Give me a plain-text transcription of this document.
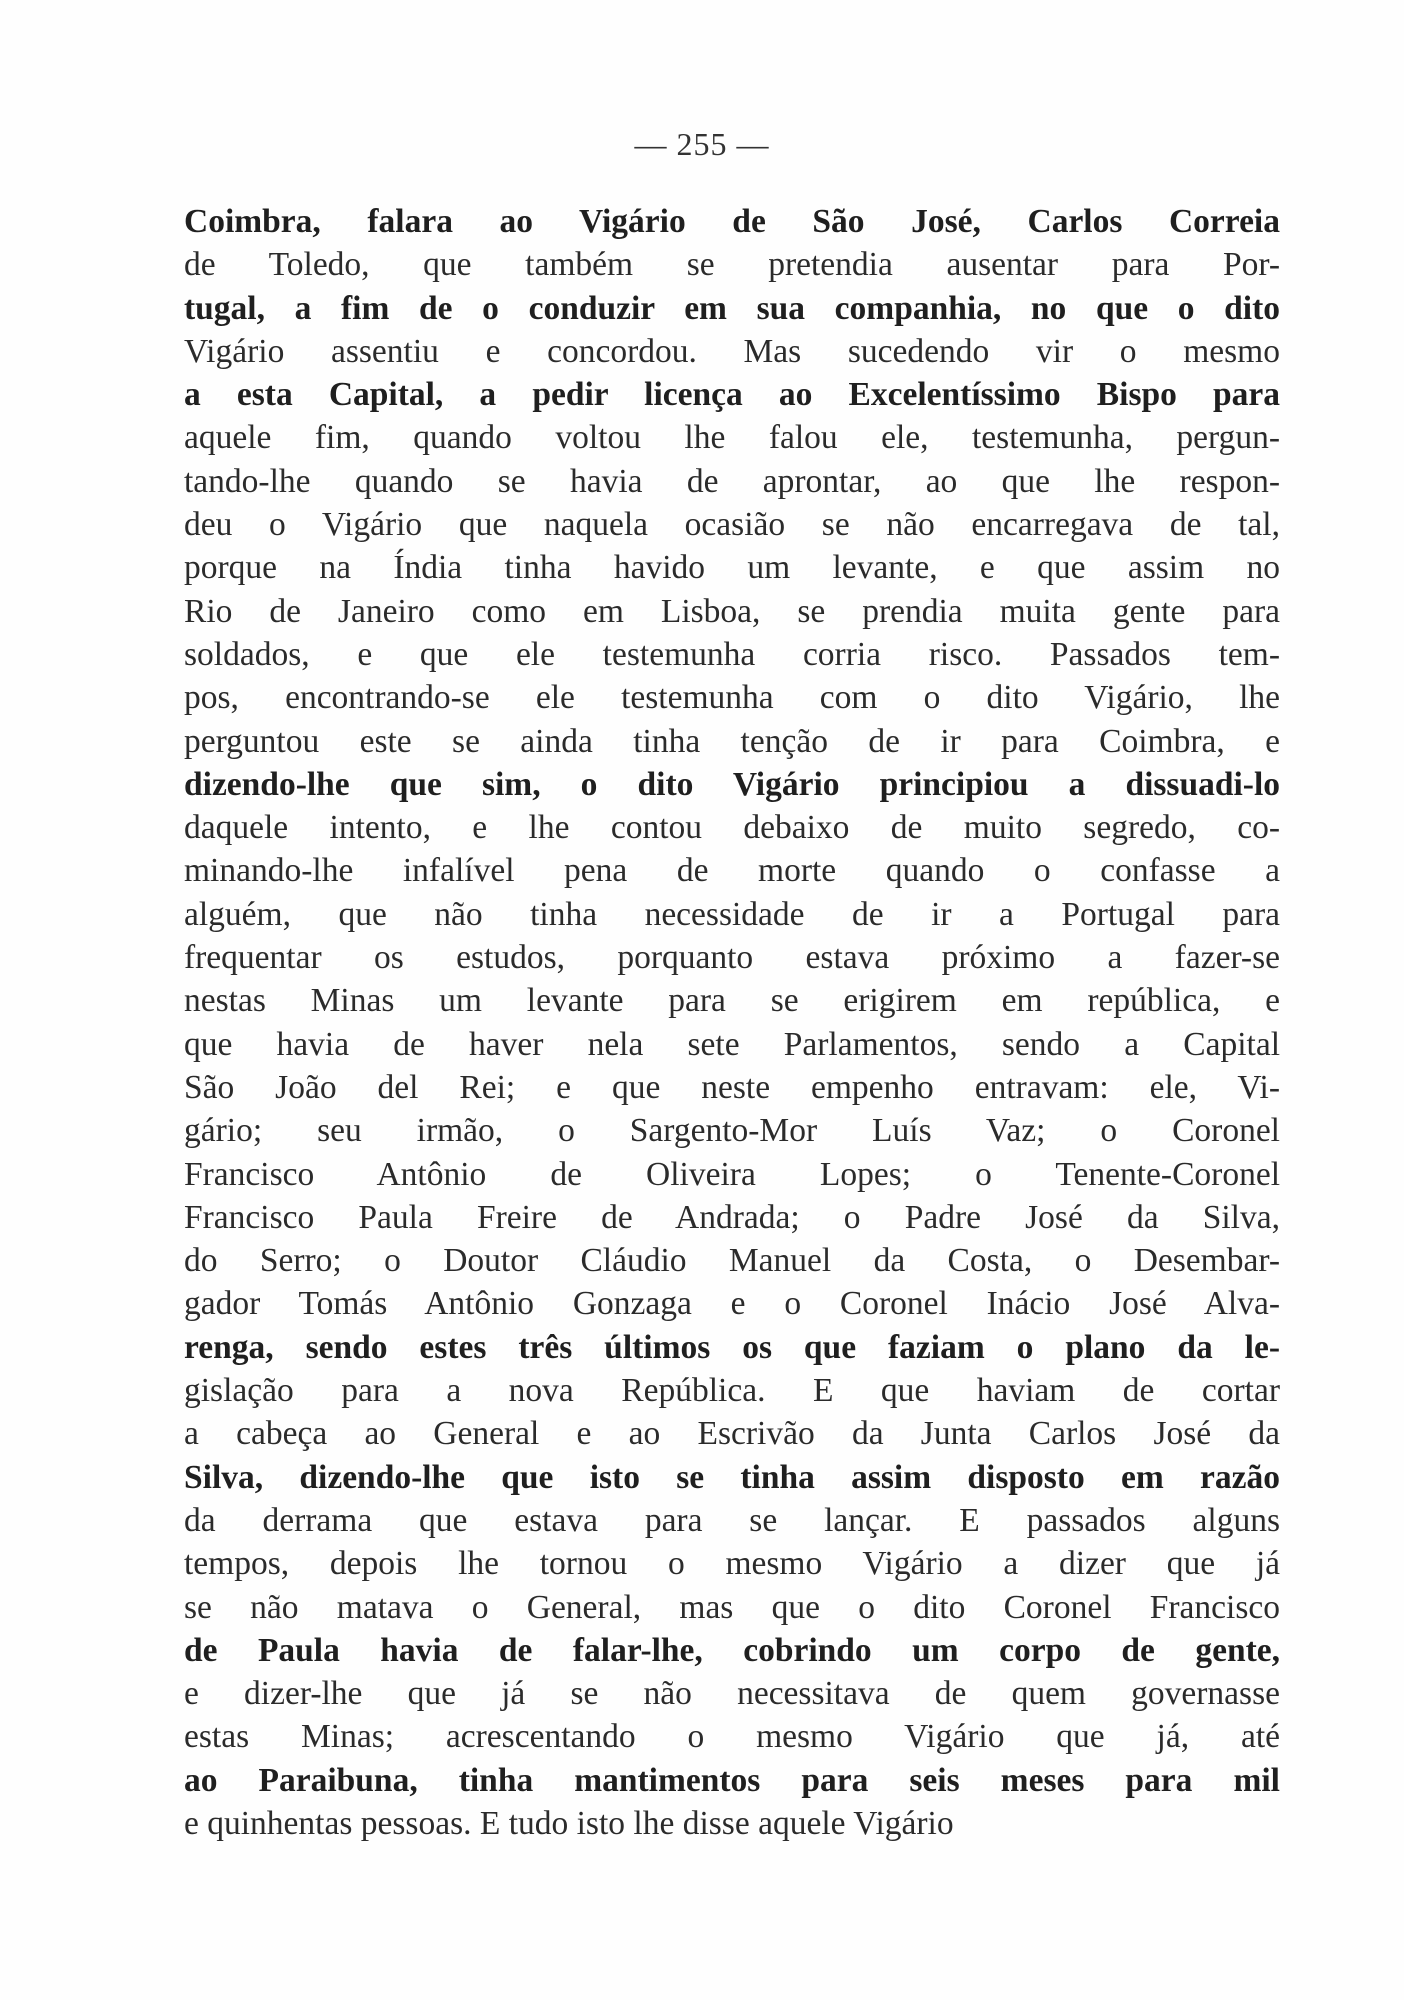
— 255 —
Coimbra, falara ao Vigário de São José, Carlos Correia
de Toledo, que também se pretendia ausentar para Por-
tugal, a fim de o conduzir em sua companhia, no que o dito
Vigário assentiu e concordou. Mas sucedendo vir o mesmo
a esta Capital, a pedir licença ao Excelentíssimo Bispo para
aquele fim, quando voltou lhe falou ele, testemunha, pergun-
tando-lhe quando se havia de aprontar, ao que lhe respon-
deu o Vigário que naquela ocasião se não encarregava de tal,
porque na Índia tinha havido um levante, e que assim no
Rio de Janeiro como em Lisboa, se prendia muita gente para
soldados, e que ele testemunha corria risco. Passados tem-
pos, encontrando-se ele testemunha com o dito Vigário, lhe
perguntou este se ainda tinha tenção de ir para Coimbra, e
dizendo-lhe que sim, o dito Vigário principiou a dissuadi-lo
daquele intento, e lhe contou debaixo de muito segredo, co-
minando-lhe infalível pena de morte quando o confasse a
alguém, que não tinha necessidade de ir a Portugal para
frequentar os estudos, porquanto estava próximo a fazer-se
nestas Minas um levante para se erigirem em república, e
que havia de haver nela sete Parlamentos, sendo a Capital
São João del Rei; e que neste empenho entravam: ele, Vi-
gário; seu irmão, o Sargento-Mor Luís Vaz; o Coronel
Francisco Antônio de Oliveira Lopes; o Tenente-Coronel
Francisco Paula Freire de Andrada; o Padre José da Silva,
do Serro; o Doutor Cláudio Manuel da Costa, o Desembar-
gador Tomás Antônio Gonzaga e o Coronel Inácio José Alva-
renga, sendo estes três últimos os que faziam o plano da le-
gislação para a nova República. E que haviam de cortar
a cabeça ao General e ao Escrivão da Junta Carlos José da
Silva, dizendo-lhe que isto se tinha assim disposto em razão
da derrama que estava para se lançar. E passados alguns
tempos, depois lhe tornou o mesmo Vigário a dizer que já
se não matava o General, mas que o dito Coronel Francisco
de Paula havia de falar-lhe, cobrindo um corpo de gente,
e dizer-lhe que já se não necessitava de quem governasse
estas Minas; acrescentando o mesmo Vigário que já, até
ao Paraibuna, tinha mantimentos para seis meses para mil
e quinhentas pessoas. E tudo isto lhe disse aquele Vigário
